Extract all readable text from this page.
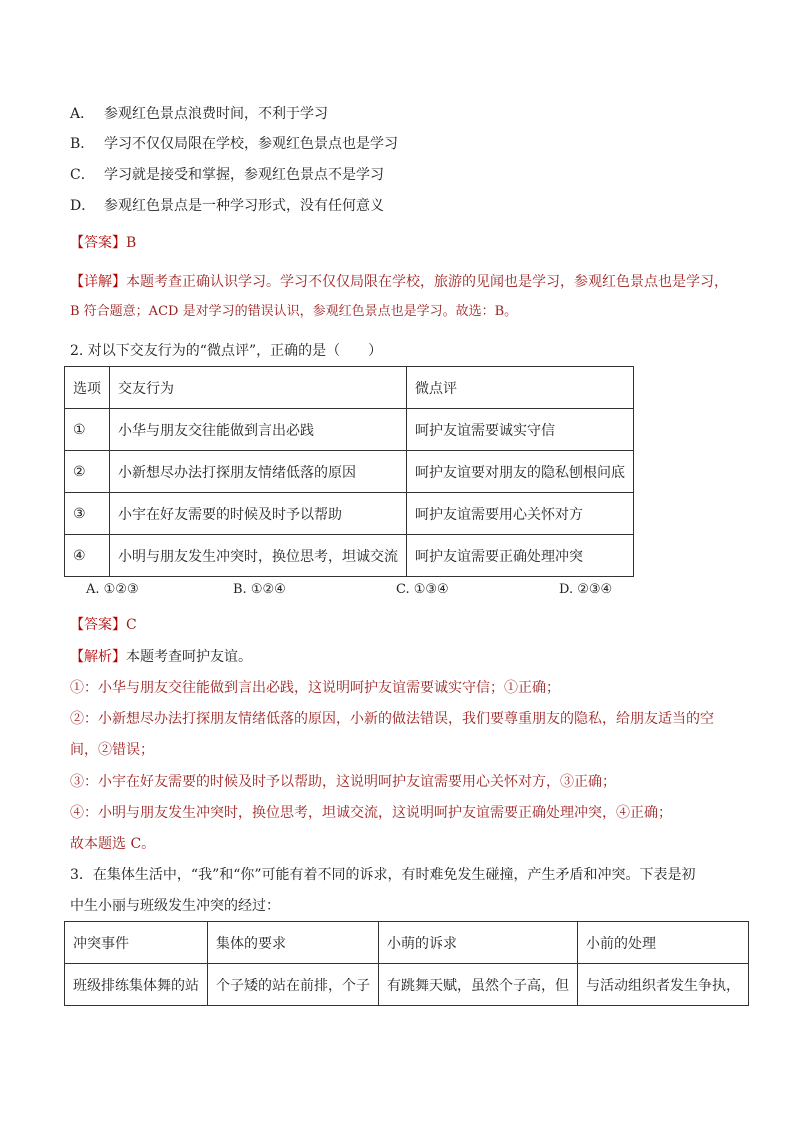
A． 参观红色景点浪费时间，不利于学习
B． 学习不仅仅局限在学校，参观红色景点也是学习
C． 学习就是接受和掌握，参观红色景点不是学习
D． 参观红色景点是一种学习形式，没有任何意义
【答案】B
【详解】本题考查正确认识学习。学习不仅仅局限在学校，旅游的见闻也是学习，参观红色景点也是学习，
B 符合题意；ACD 是对学习的错误认识，参观红色景点也是学习。故选：B。
2. 对以下交友行为的“微点评”，正确的是（　　）
选项	交友行为	微点评
①	小华与朋友交往能做到言出必践	呵护友谊需要诚实守信
②	小新想尽办法打探朋友情绪低落的原因	呵护友谊要对朋友的隐私刨根问底
③	小宇在好友需要的时候及时予以帮助	呵护友谊需要用心关怀对方
④	小明与朋友发生冲突时，换位思考，坦诚交流	呵护友谊需要正确处理冲突
A. ①②③	B. ①②④	C. ①③④	D. ②③④
【答案】C
【解析】本题考查呵护友谊。
①：小华与朋友交往能做到言出必践，这说明呵护友谊需要诚实守信；①正确；
②：小新想尽办法打探朋友情绪低落的原因，小新的做法错误，我们要尊重朋友的隐私，给朋友适当的空
间，②错误；
③：小宇在好友需要的时候及时予以帮助，这说明呵护友谊需要用心关怀对方，③正确；
④：小明与朋友发生冲突时，换位思考，坦诚交流，这说明呵护友谊需要正确处理冲突，④正确；
故本题选 C。
3．在集体生活中，“我”和“你”可能有着不同的诉求，有时难免发生碰撞，产生矛盾和冲突。下表是初
中生小丽与班级发生冲突的经过：
冲突事件	集体的要求	小萌的诉求	小前的处理
班级排练集体舞的站	个子矮的站在前排，个子	有跳舞天赋，虽然个子高，但	与活动组织者发生争执，
